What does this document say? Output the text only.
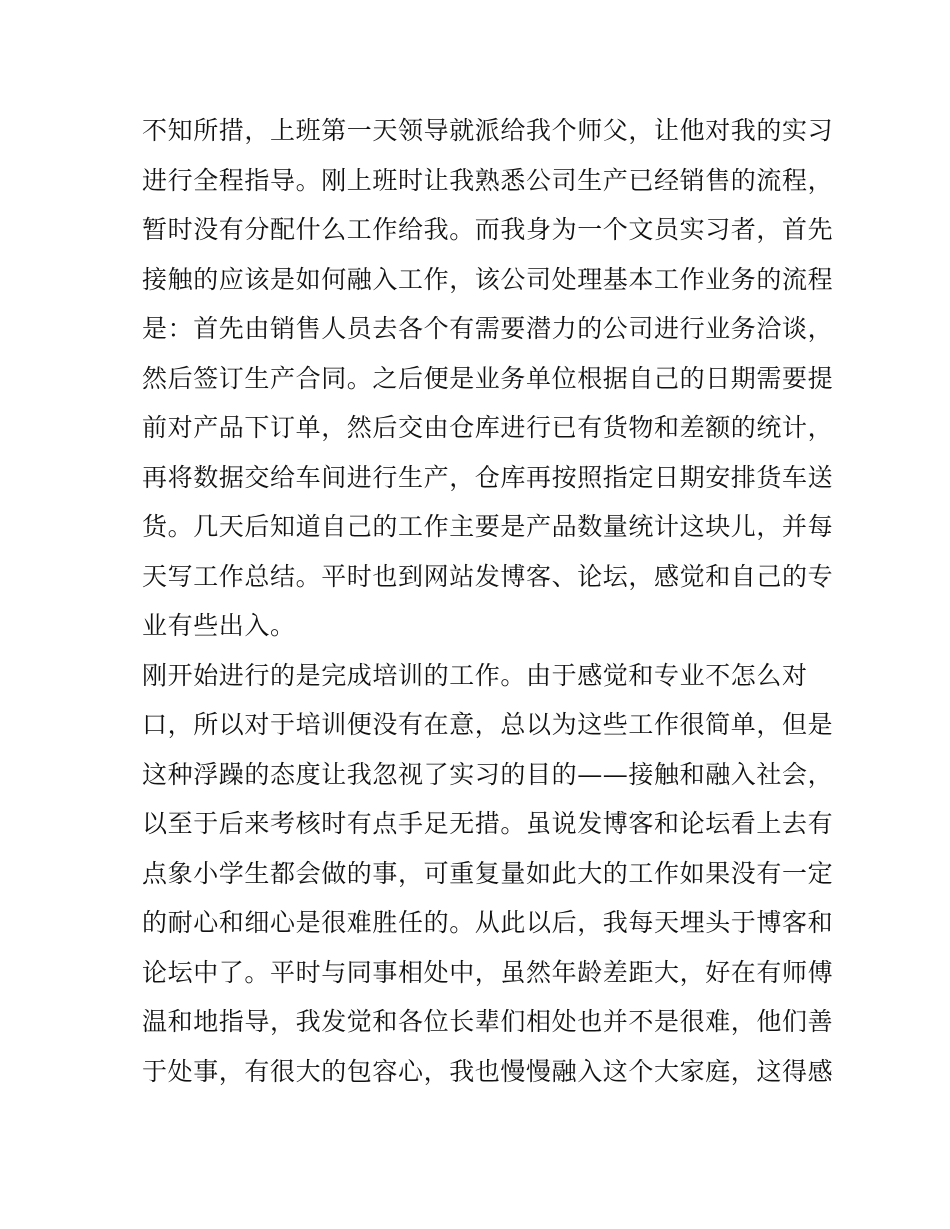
不知所措，上班第一天领导就派给我个师父，让他对我的实习
进行全程指导。刚上班时让我熟悉公司生产已经销售的流程，
暂时没有分配什么工作给我。而我身为一个文员实习者，首先
接触的应该是如何融入工作，该公司处理基本工作业务的流程
是：首先由销售人员去各个有需要潜力的公司进行业务洽谈，
然后签订生产合同。之后便是业务单位根据自己的日期需要提
前对产品下订单，然后交由仓库进行已有货物和差额的统计，
再将数据交给车间进行生产，仓库再按照指定日期安排货车送
货。几天后知道自己的工作主要是产品数量统计这块儿，并每
天写工作总结。平时也到网站发博客、论坛，感觉和自己的专
业有些出入。
刚开始进行的是完成培训的工作。由于感觉和专业不怎么对
口，所以对于培训便没有在意，总以为这些工作很简单，但是
这种浮躁的态度让我忽视了实习的目的——接触和融入社会，
以至于后来考核时有点手足无措。虽说发博客和论坛看上去有
点象小学生都会做的事，可重复量如此大的工作如果没有一定
的耐心和细心是很难胜任的。从此以后，我每天埋头于博客和
论坛中了。平时与同事相处中，虽然年龄差距大，好在有师傅
温和地指导，我发觉和各位长辈们相处也并不是很难，他们善
于处事，有很大的包容心，我也慢慢融入这个大家庭，这得感
